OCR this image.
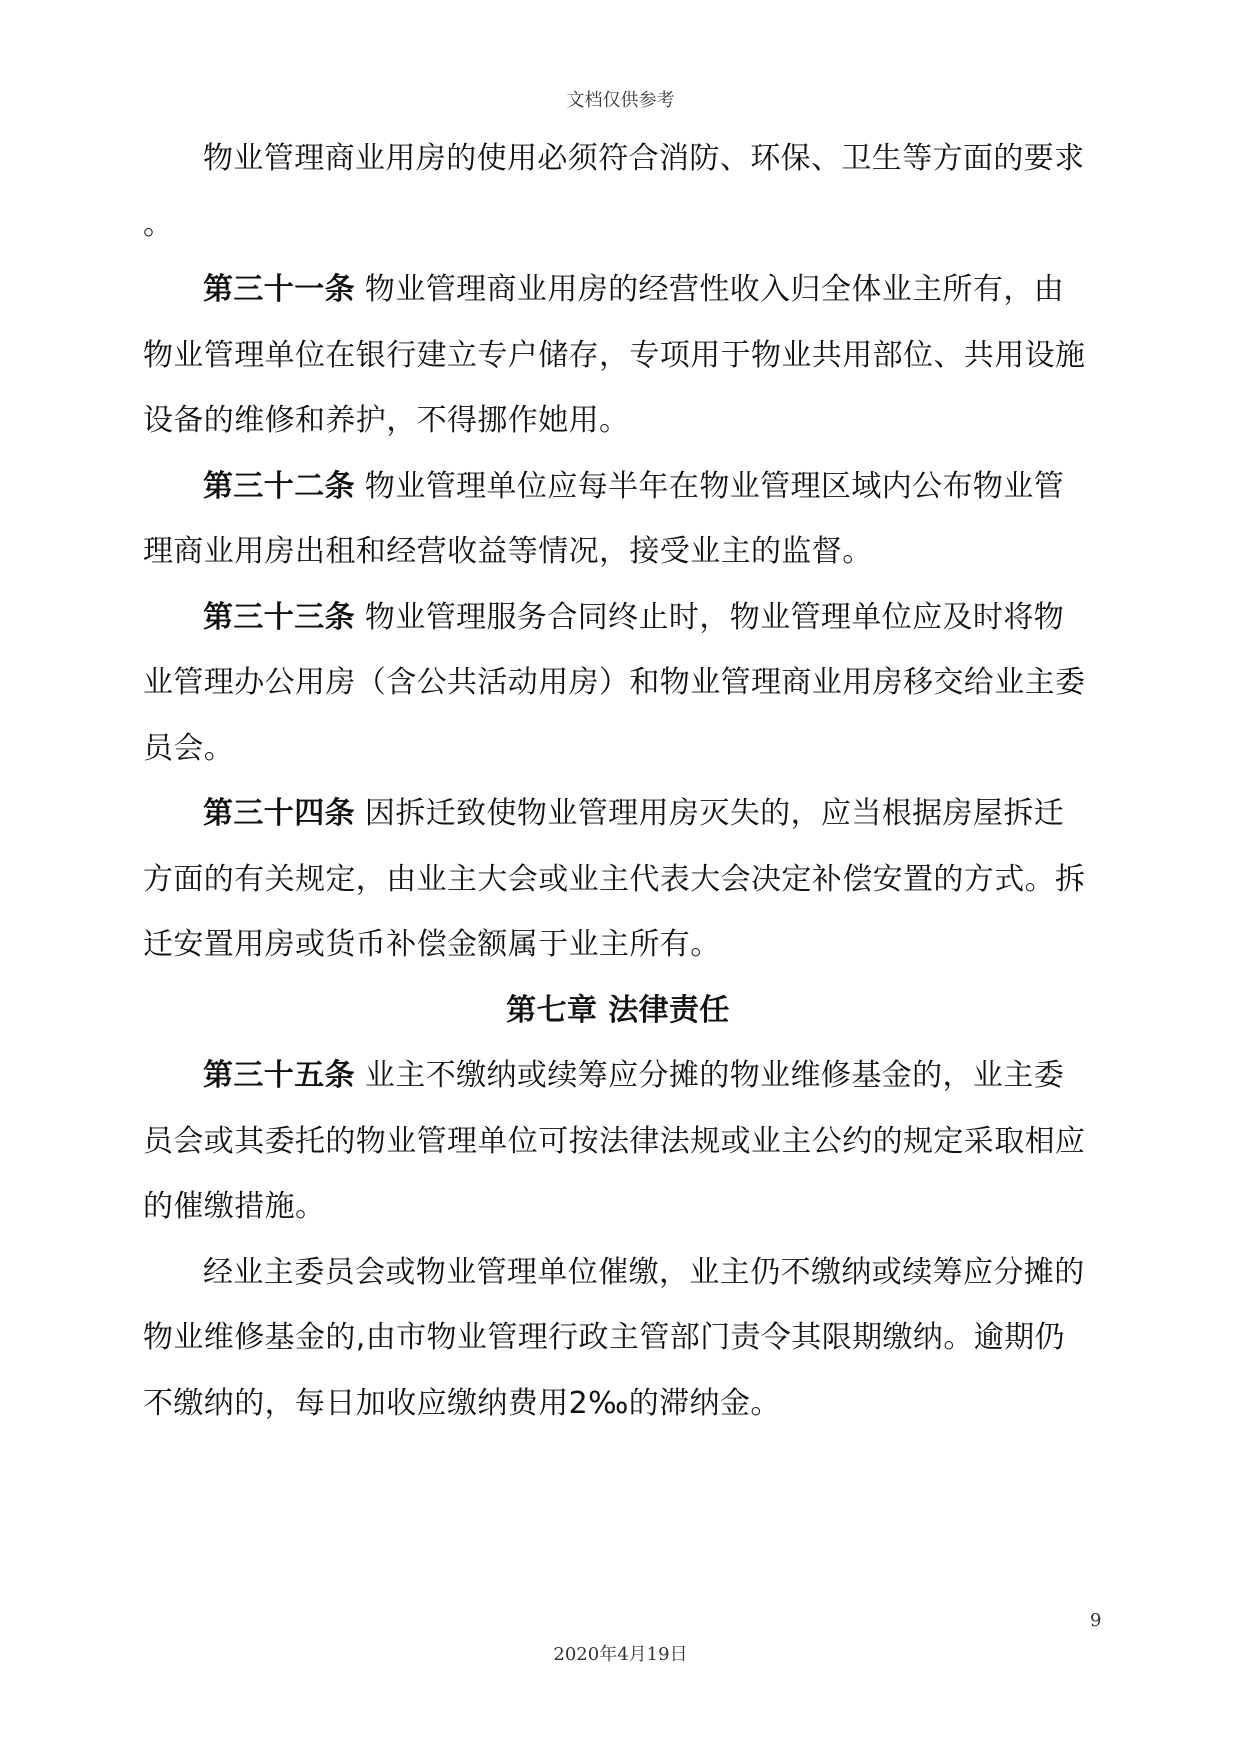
文档仅供参考

物业管理商业用房的使用必须符合消防、环保、卫生等方面的要求 。

第三十一条 物业管理商业用房的经营性收入归全体业主所有，由物业管理单位在银行建立专户储存，专项用于物业共用部位、共用设施设备的维修和养护，不得挪作她用。

第三十二条 物业管理单位应每半年在物业管理区域内公布物业管理商业用房出租和经营收益等情况，接受业主的监督。

第三十三条 物业管理服务合同终止时，物业管理单位应及时将物业管理办公用房（含公共活动用房）和物业管理商业用房移交给业主委员会。

第三十四条 因拆迁致使物业管理用房灭失的，应当根据房屋拆迁方面的有关规定，由业主大会或业主代表大会决定补偿安置的方式。拆迁安置用房或货币补偿金额属于业主所有。

第七章 法律责任

第三十五条 业主不缴纳或续筹应分摊的物业维修基金的，业主委员会或其委托的物业管理单位可按法律法规或业主公约的规定采取相应的催缴措施。

经业主委员会或物业管理单位催缴，业主仍不缴纳或续筹应分摊的物业维修基金的,由市物业管理行政主管部门责令其限期缴纳。逾期仍不缴纳的，每日加收应缴纳费用2‰的滞纳金。

9
2020年4月19日
